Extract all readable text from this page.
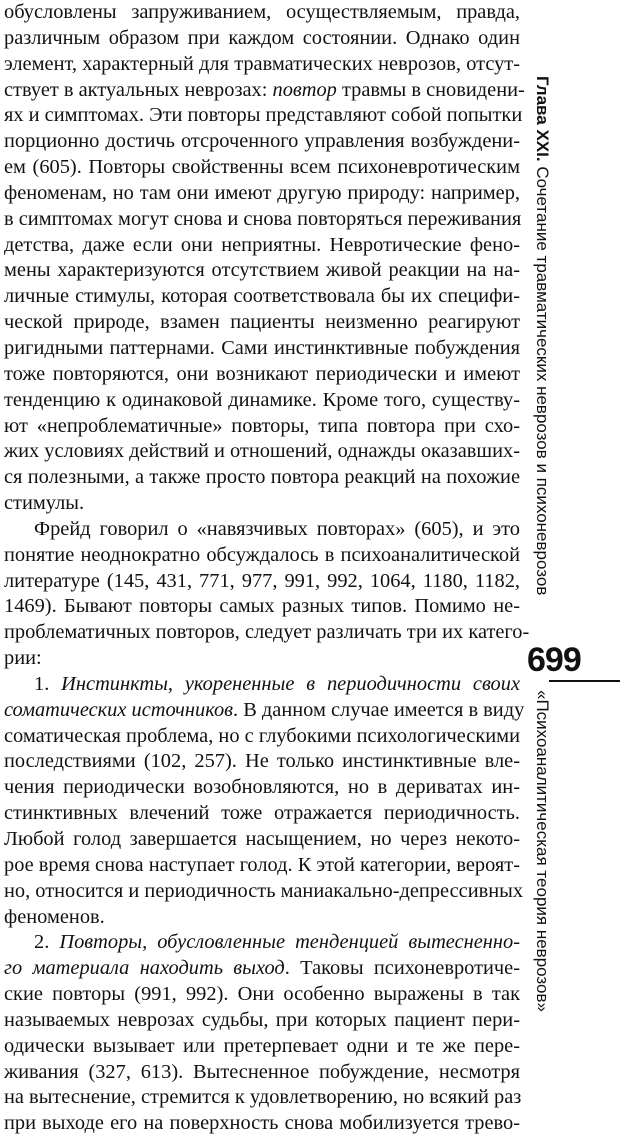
обусловлены запруживанием, осуществляемым, правда,
различным образом при каждом состоянии. Однако один
элемент, характерный для травматических неврозов, отсут-
ствует в актуальных неврозах: повтор травмы в сновидени-
ях и симптомах. Эти повторы представляют собой попытки
порционно достичь отсроченного управления возбуждени-
ем (605). Повторы свойственны всем психоневротическим
феноменам, но там они имеют другую природу: например,
в симптомах могут снова и снова повторяться переживания
детства, даже если они неприятны. Невротические фено-
мены характеризуются отсутствием живой реакции на на-
личные стимулы, которая соответствовала бы их специфи-
ческой природе, взамен пациенты неизменно реагируют
ригидными паттернами. Сами инстинктивные побуждения
тоже повторяются, они возникают периодически и имеют
тенденцию к одинаковой динамике. Кроме того, существу-
ют «непроблематичные» повторы, типа повтора при схо-
жих условиях действий и отношений, однажды оказавших-
ся полезными, а также просто повтора реакций на похожие
стимулы.
Фрейд говорил о «навязчивых повторах» (605), и это
понятие неоднократно обсуждалось в психоаналитической
литературе (145, 431, 771, 977, 991, 992, 1064, 1180, 1182,
1469). Бывают повторы самых разных типов. Помимо не-
проблематичных повторов, следует различать три их катего-
рии:
1. Инстинкты, укорененные в периодичности своих
соматических источников. В данном случае имеется в виду
соматическая проблема, но с глубокими психологическими
последствиями (102, 257). Не только инстинктивные вле-
чения периодически возобновляются, но в дериватах ин-
стинктивных влечений тоже отражается периодичность.
Любой голод завершается насыщением, но через некото-
рое время снова наступает голод. К этой категории, вероят-
но, относится и периодичность маниакально-депрессивных
феноменов.
2. Повторы, обусловленные тенденцией вытесненно-
го материала находить выход. Таковы психоневротиче-
ские повторы (991, 992). Они особенно выражены в так
называемых неврозах судьбы, при которых пациент пери-
одически вызывает или претерпевает одни и те же пере-
живания (327, 613). Вытесненное побуждение, несмотря
на вытеснение, стремится к удовлетворению, но всякий раз
при выходе его на поверхность снова мобилизуется трево-
Глава XXI. Сочетание травматических неврозов и психоневрозов
699
«Психоаналитическая теория неврозов»
